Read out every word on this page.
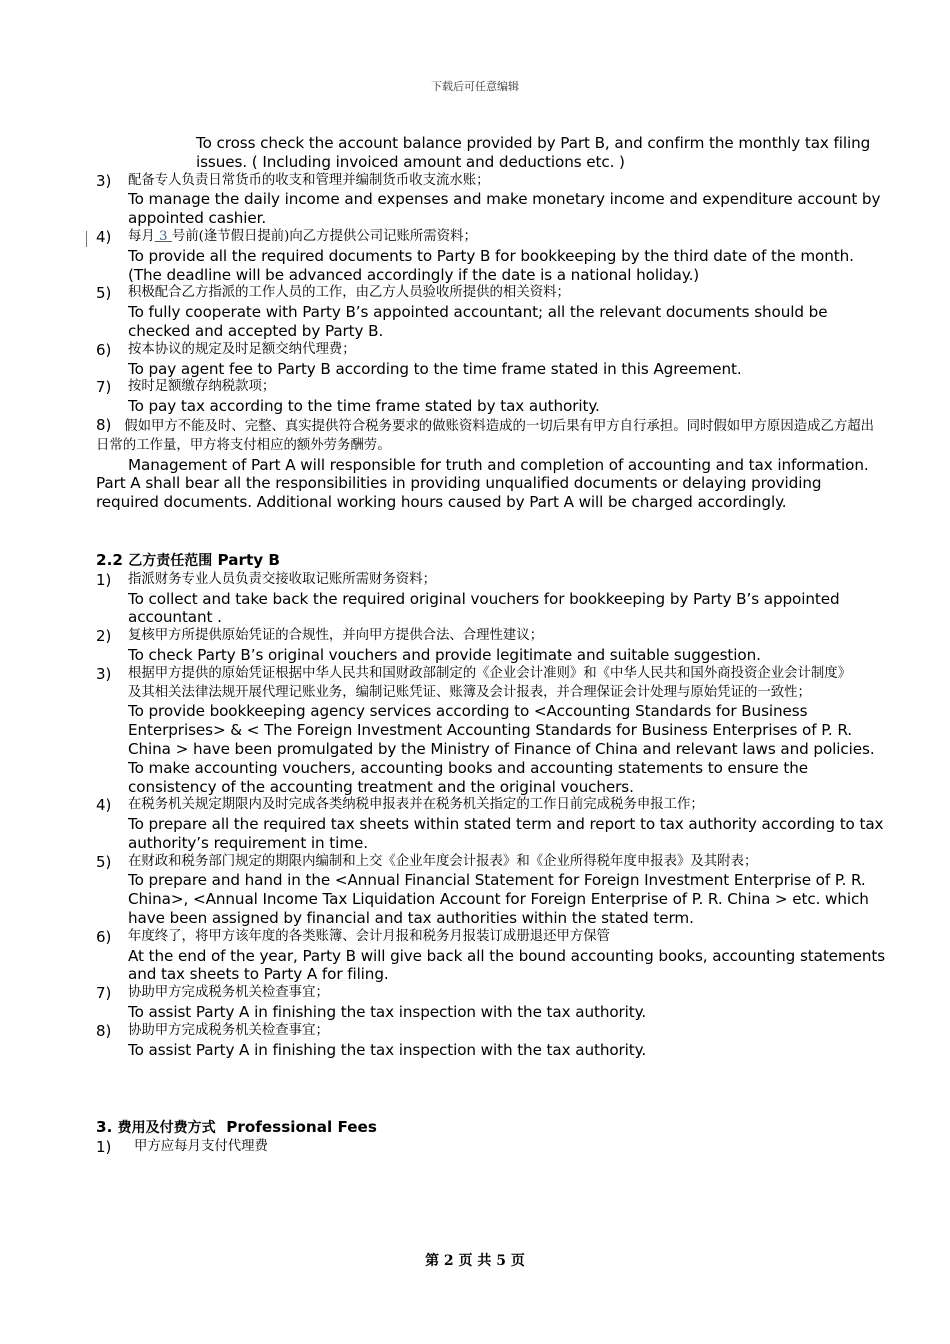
下载后可任意编辑
To cross check the account balance provided by Part B, and confirm the monthly tax filing issues. ( Including invoiced amount and deductions etc. )
3) 配备专人负责日常货币的收支和管理并编制货币收支流水账；
To manage the daily income and expenses and make monetary income and expenditure account by appointed cashier.
4) 每月 3 号前(逢节假日提前)向乙方提供公司记账所需资料；
To provide all the required documents to Party B for bookkeeping by the third date of the month. (The deadline will be advanced accordingly if the date is a national holiday.)
5) 积极配合乙方指派的工作人员的工作，由乙方人员验收所提供的相关资料；
To fully cooperate with Party B’s appointed accountant; all the relevant documents should be checked and accepted by Party B.
6) 按本协议的规定及时足额交纳代理费；
To pay agent fee to Party B according to the time frame stated in this Agreement.
7) 按时足额缴存纳税款项；
To pay tax according to the time frame stated by tax authority.
8) 假如甲方不能及时、完整、真实提供符合税务要求的做账资料造成的一切后果有甲方自行承担。同时假如甲方原因造成乙方超出日常的工作量，甲方将支付相应的额外劳务酬劳。
Management of Part A will responsible for truth and completion of accounting and tax information. Part A shall bear all the responsibilities in providing unqualified documents or delaying providing required documents. Additional working hours caused by Part A will be charged accordingly.
2.2 乙方责任范围 Party B
1) 指派财务专业人员负责交接收取记账所需财务资料；
To collect and take back the required original vouchers for bookkeeping by Party B’s appointed accountant .
2) 复核甲方所提供原始凭证的合规性，并向甲方提供合法、合理性建议；
To check Party B’s original vouchers and provide legitimate and suitable suggestion.
3) 根据甲方提供的原始凭证根据中华人民共和国财政部制定的《企业会计准则》和《中华人民共和国外商投资企业会计制度》及其相关法律法规开展代理记账业务，编制记账凭证、账簿及会计报表，并合理保证会计处理与原始凭证的一致性；
To provide bookkeeping agency services according to <Accounting Standards for Business Enterprises> & < The Foreign Investment Accounting Standards for Business Enterprises of P. R. China > have been promulgated by the Ministry of Finance of China and relevant laws and policies. To make accounting vouchers, accounting books and accounting statements to ensure the consistency of the accounting treatment and the original vouchers.
4) 在税务机关规定期限内及时完成各类纳税申报表并在税务机关指定的工作日前完成税务申报工作；
To prepare all the required tax sheets within stated term and report to tax authority according to tax authority’s requirement in time.
5) 在财政和税务部门规定的期限内编制和上交《企业年度会计报表》和《企业所得税年度申报表》及其附表；
To prepare and hand in the <Annual Financial Statement for Foreign Investment Enterprise of P. R. China>, <Annual Income Tax Liquidation Account for Foreign Enterprise of P. R. China > etc. which have been assigned by financial and tax authorities within the stated term.
6) 年度终了，将甲方该年度的各类账簿、会计月报和税务月报装订成册退还甲方保管
At the end of the year, Party B will give back all the bound accounting books, accounting statements and tax sheets to Party A for filing.
7) 协助甲方完成税务机关检查事宜；
To assist Party A in finishing the tax inspection with the tax authority.
8) 协助甲方完成税务机关检查事宜；
To assist Party A in finishing the tax inspection with the tax authority.
3. 费用及付费方式 Professional Fees
1)	甲方应每月支付代理费
第 2 页 共 5 页
